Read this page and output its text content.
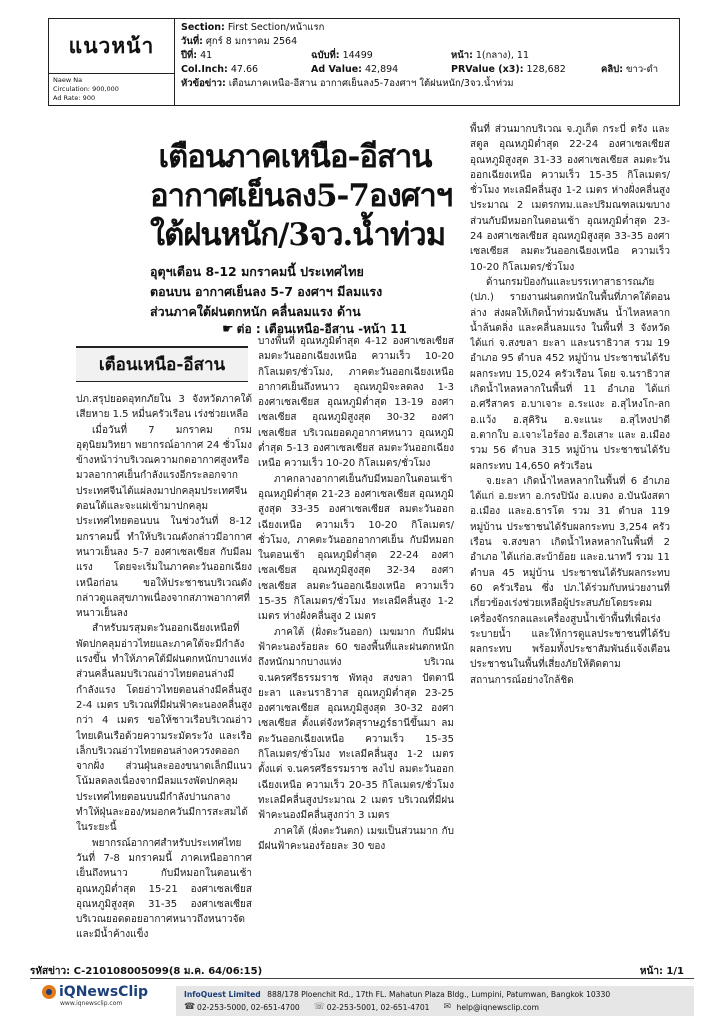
แนวหน้า
Naew Na
Circulation: 900,000
Ad Rate: 900
Section: First Section/หน้าแรก
วันที่: ศุกร์ 8 มกราคม 2564
ปีที่: 41	ฉบับที่: 14499	หน้า: 1(กลาง), 11
Col.Inch: 47.66	Ad Value: 42,894	PRValue (x3): 128,682	คลิป: ขาว-ดำ
หัวข้อข่าว: เตือนภาคเหนือ-อีสาน อากาศเย็นลง5-7องศาฯ ใต้ฝนหนัก/3จว.น้ำท่วม
เตือนภาคเหนือ-อีสาน
อากาศเย็นลง5-7องศาฯ
ใต้ฝนหนัก/3จว.น้ำท่วม
อุตุฯเตือน 8-12 มกราคมนี้ ประเทศไทย
ตอนบน อากาศเย็นลง 5-7 องศาฯ มีลมแรง
ส่วนภาคใต้ฝนตกหนัก คลื่นลมแรง ด้าน
☛ ต่อ : เตือนเหนือ-อีสาน -หน้า 11
เตือนเหนือ-อีสาน

ปภ.สรุปยอดอุทกภัยใน 3 จังหวัดภาคใต้ เสียหาย 1.5 หมื่นครัวเรือน เร่งช่วยเหลือ

เมื่อวันที่ 7 มกราคม กรมอุตุนิยมวิทยา พยากรณ์อากาศ 24 ชั่วโมงข้างหน้าว่าบริเวณความกดอากาศสูงหรือมวลอากาศเย็นกำลังแรงอีกระลอกจากประเทศจีนได้แผ่ลงมาปกคลุมประเทศจีนตอนใต้และจะแผ่เข้ามาปกคลุมประเทศไทยตอนบน ในช่วงวันที่ 8-12 มกราคมนี้ ทำให้บริเวณดังกล่าวมีอากาศหนาวเย็นลง 5-7 องศาเซลเซียส กับมีลมแรง โดยจะเริ่มในภาคตะวันออกเฉียงเหนือก่อน ขอให้ประชาชนบริเวณดังกล่าวดูแลสุขภาพเนื่องจากสภาพอากาศที่หนาวเย็นลง

สำหรับมรสุมตะวันออกเฉียงเหนือที่พัดปกคลุมอ่าวไทยและภาคใต้จะมีกำลังแรงขึ้น ทำให้ภาคใต้มีฝนตกหนักบางแห่ง ส่วนคลื่นลมบริเวณอ่าวไทยตอนล่างมีกำลังแรง โดยอ่าวไทยตอนล่างมีคลื่นสูง 2-4 เมตร บริเวณที่มีฝนฟ้าคะนองคลื่นสูงกว่า 4 เมตร ขอให้ชาวเรือบริเวณอ่าวไทยเดินเรือด้วยความระมัดระวัง และเรือเล็กบริเวณอ่าวไทยตอนล่างควรงดออกจากฝั่ง ส่วนฝุ่นละอองขนาดเล็กมีแนวโน้มลดลงเนื่องจากมีลมแรงพัดปกคลุมประเทศไทยตอนบนมีกำลังปานกลาง ทำให้ฝุ่นละออง/หมอกควันมีการสะสมได้ในระยะนี้

พยากรณ์อากาศสำหรับประเทศไทย วันที่ 7-8 มกราคมนี้ ภาคเหนืออากาศเย็นถึงหนาว กับมีหมอกในตอนเช้า อุณหภูมิต่ำสุด 15-21 องศาเซลเซียส อุณหภูมิสูงสุด 31-35 องศาเซลเซียส บริเวณยอดดอยอากาศหนาวถึงหนาวจัด และมีน้ำค้างแข็ง

บางพื้นที่ อุณหภูมิต่ำสุด 4-12 องศาเซลเซียส ลมตะวันออกเฉียงเหนือ ความเร็ว 10-20 กิโลเมตร/ชั่วโมง, ภาคตะวันออกเฉียงเหนือ อากาศเย็นถึงหนาว อุณหภูมิจะลดลง 1-3 องศาเซลเซียส อุณหภูมิต่ำสุด 13-19 องศาเซลเซียส อุณหภูมิสูงสุด 30-32 องศาเซลเซียส บริเวณยอดภูอากาศหนาว อุณหภูมิต่ำสุด 5-13 องศาเซลเซียส ลมตะวันออกเฉียงเหนือ ความเร็ว 10-20 กิโลเมตร/ชั่วโมง

ภาคกลางอากาศเย็นกับมีหมอกในตอนเช้า อุณหภูมิต่ำสุด 21-23 องศาเซลเซียส อุณหภูมิสูงสุด 33-35 องศาเซลเซียส ลมตะวันออกเฉียงเหนือ ความเร็ว 10-20 กิโลเมตร/ชั่วโมง, ภาคตะวันออกอากาศเย็น กับมีหมอกในตอนเช้า อุณหภูมิต่ำสุด 22-24 องศาเซลเซียส อุณหภูมิสูงสุด 32-34 องศาเซลเซียส ลมตะวันออกเฉียงเหนือ ความเร็ว 15-35 กิโลเมตร/ชั่วโมง ทะเลมีคลื่นสูง 1-2 เมตร ห่างฝั่งคลื่นสูง 2 เมตร

ภาคใต้ (ฝั่งตะวันออก) เมฆมาก กับมีฝนฟ้าคะนองร้อยละ 60 ของพื้นที่และฝนตกหนักถึงหนักมากบางแห่ง บริเวณ จ.นครศรีธรรมราช พัทลุง สงขลา ปัตตานี ยะลา และนราธิวาส อุณหภูมิต่ำสุด 23-25 องศาเซลเซียส อุณหภูมิสูงสุด 30-32 องศาเซลเซียส ตั้งแต่จังหวัดสุราษฎร์ธานีขึ้นมา ลมตะวันออกเฉียงเหนือ ความเร็ว 15-35 กิโลเมตร/ชั่วโมง ทะเลมีคลื่นสูง 1-2 เมตร ตั้งแต่ จ.นครศรีธรรมราช ลงไป ลมตะวันออกเฉียงเหนือ ความเร็ว 20-35 กิโลเมตร/ชั่วโมง ทะเลมีคลื่นสูงประมาณ 2 เมตร บริเวณที่มีฝนฟ้าคะนองมีคลื่นสูงกว่า 3 เมตร

ภาคใต้ (ฝั่งตะวันตก) เมฆเป็นส่วนมาก กับมีฝนฟ้าคะนองร้อยละ 30 ของ

พื้นที่ ส่วนมากบริเวณ จ.ภูเก็ต กระบี่ ตรัง และสตูล อุณหภูมิต่ำสุด 22-24 องศาเซลเซียส อุณหภูมิสูงสุด 31-33 องศาเซลเซียส ลมตะวันออกเฉียงเหนือ ความเร็ว 15-35 กิโลเมตร/ชั่วโมง ทะเลมีคลื่นสูง 1-2 เมตร ห่างฝั่งคลื่นสูงประมาณ 2 เมตรกทม.และปริมณฑลเมฆบางส่วนกับมีหมอกในตอนเช้า อุณหภูมิต่ำสุด 23-24 องศาเซลเซียส อุณหภูมิสูงสุด 33-35 องศาเซลเซียส ลมตะวันออกเฉียงเหนือ ความเร็ว 10-20 กิโลเมตร/ชั่วโมง

ด้านกรมป้องกันและบรรเทาสาธารณภัย (ปภ.) รายงานฝนตกหนักในพื้นที่ภาคใต้ตอนล่าง ส่งผลให้เกิดน้ำท่วมฉับพลัน น้ำไหลหลากน้ำล้นตลิ่ง และคลื่นลมแรง ในพื้นที่ 3 จังหวัด ได้แก่ จ.สงขลา ยะลา และนราธิวาส รวม 19 อำเภอ 95 ตำบล 452 หมู่บ้าน ประชาชนได้รับผลกระทบ 15,024 ครัวเรือน โดย จ.นราธิวาส เกิดน้ำไหลหลากในพื้นที่ 11 อำเภอ ได้แก่อ.ศรีสาคร อ.บาเจาะ อ.ระแงะ อ.สุไหงโก-ลก อ.แว้ง อ.สุคิริน อ.จะแนะ อ.สุไหงปาดี อ.ตากใบ อ.เจาะไอร้อง อ.รือเสาะ และ อ.เมือง รวม 56 ตำบล 315 หมู่บ้าน ประชาชนได้รับผลกระทบ 14,650 ครัวเรือน

จ.ยะลา เกิดน้ำไหลหลากในพื้นที่ 6 อำเภอ ได้แก่ อ.ยะหา อ.กรงปินัง อ.เบตง อ.บันนังสตา อ.เมือง และอ.ธารโต รวม 31 ตำบล 119 หมู่บ้าน ประชาชนได้รับผลกระทบ 3,254 ครัวเรือน จ.สงขลา เกิดน้ำไหลหลากในพื้นที่ 2 อำเภอ ได้แก่อ.สะบ้าย้อย และอ.นาทวี รวม 11 ตำบล 45 หมู่บ้าน ประชาชนได้รับผลกระทบ 60 ครัวเรือน ซึ่ง ปภ.ได้ร่วมกับหน่วยงานที่เกี่ยวข้องเร่งช่วยเหลือผู้ประสบภัยโดยระดมเครื่องจักรกลและเครื่องสูบน้ำเข้าพื้นที่เพื่อเร่งระบายน้ำ และให้การดูแลประชาชนที่ได้รับผลกระทบ พร้อมทั้งประชาสัมพันธ์แจ้งเตือนประชาชนในพื้นที่เสี่ยงภัยให้ติดตามสถานการณ์อย่างใกล้ชิด

รหัสข่าว: C-210108005099(8 ม.ค. 64/06:15)	หน้า: 1/1
iQNewsClip
www.iqnewsclip.com
InfoQuest Limited 888/178 Ploenchit Rd., 17th FL. Mahatun Plaza Bldg., Lumpini, Patumwan, Bangkok 10330
☎ 02-253-5000, 02-651-4700 ☏ 02-253-5001, 02-651-4701 ✉ help@iqnewsclip.com
